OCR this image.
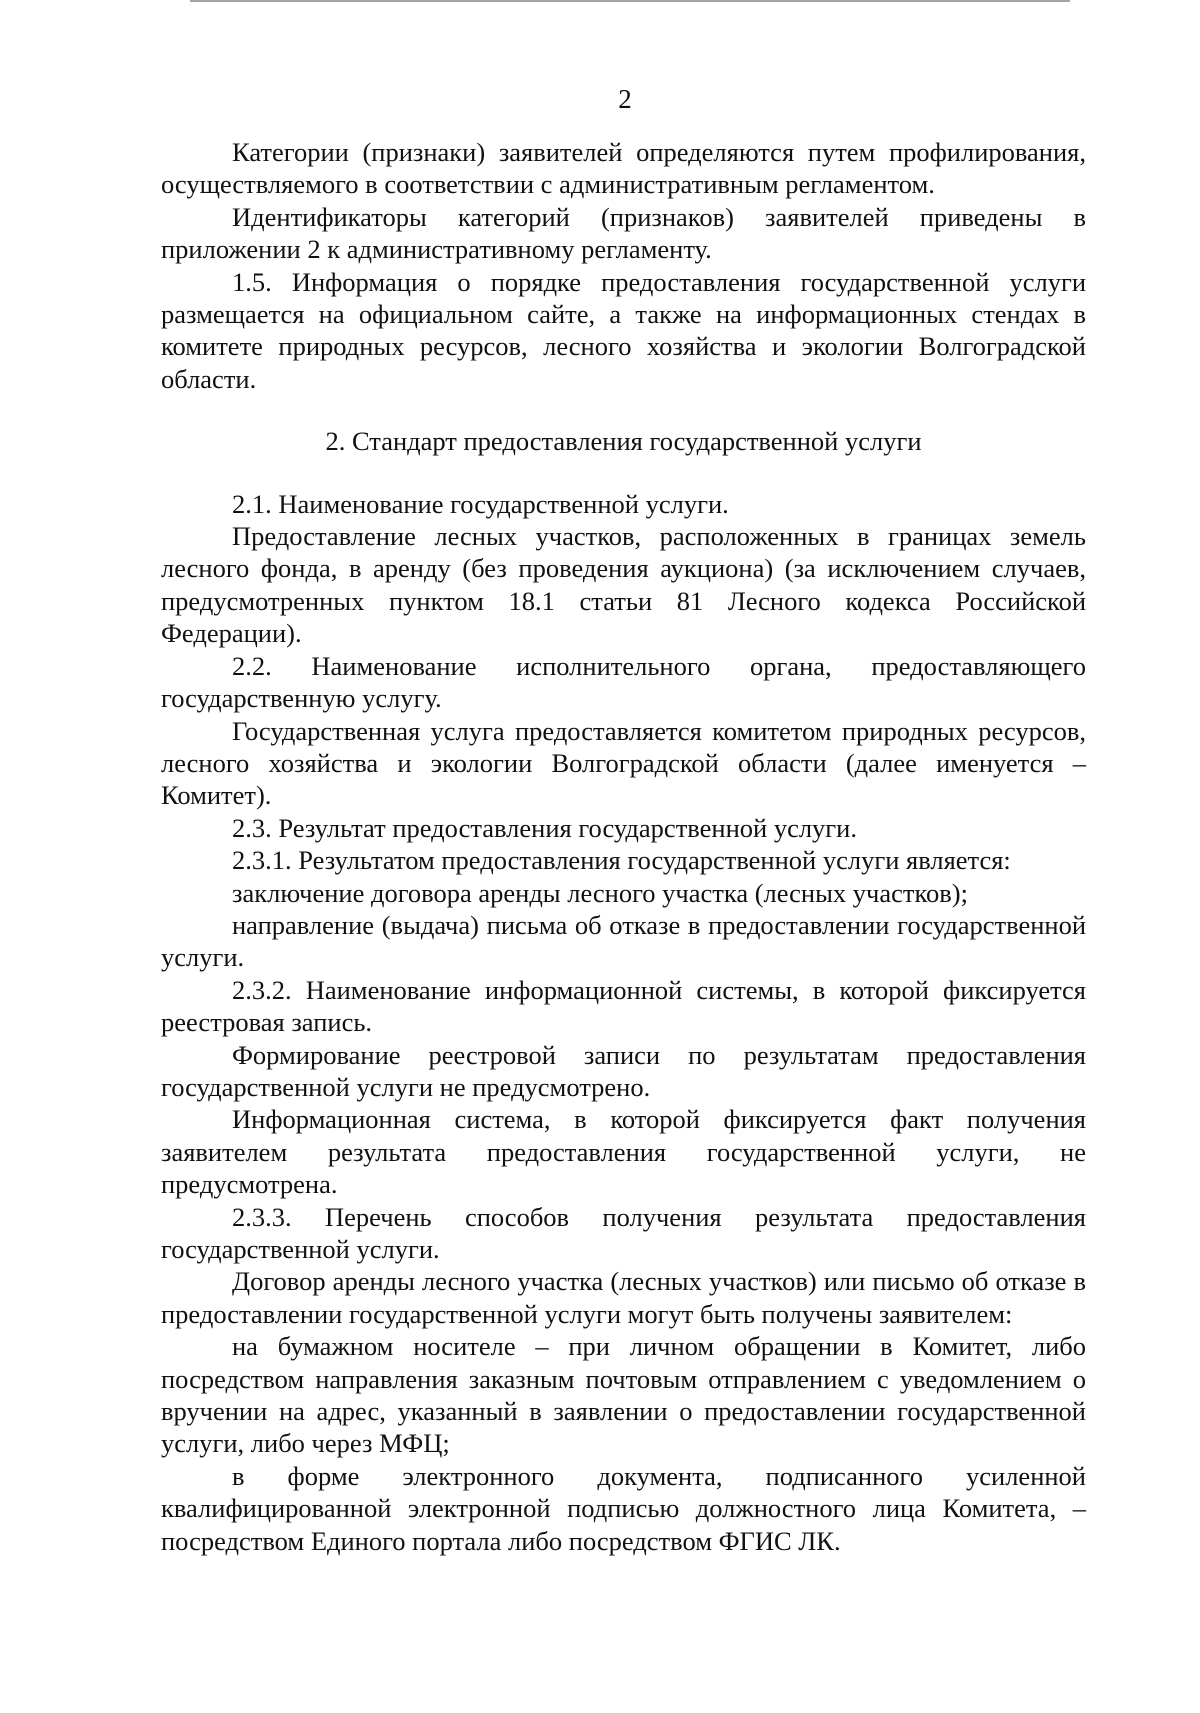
2

Категории (признаки) заявителей определяются путем профилирования, осуществляемого в соответствии с административным регламентом.

Идентификаторы категорий (признаков) заявителей приведены в приложении 2 к административному регламенту.

1.5. Информация о порядке предоставления государственной услуги размещается на официальном сайте, а также на информационных стендах в комитете природных ресурсов, лесного хозяйства и экологии Волгоградской области.

2. Стандарт предоставления государственной услуги

2.1. Наименование государственной услуги.

Предоставление лесных участков, расположенных в границах земель лесного фонда, в аренду (без проведения аукциона) (за исключением случаев, предусмотренных пунктом 18.1 статьи 81 Лесного кодекса Российской Федерации).

2.2. Наименование исполнительного органа, предоставляющего государственную услугу.

Государственная услуга предоставляется комитетом природных ресурсов, лесного хозяйства и экологии Волгоградской области (далее именуется – Комитет).

2.3. Результат предоставления государственной услуги.

2.3.1. Результатом предоставления государственной услуги является:

заключение договора аренды лесного участка (лесных участков);

направление (выдача) письма об отказе в предоставлении государственной услуги.

2.3.2. Наименование информационной системы, в которой фиксируется реестровая запись.

Формирование реестровой записи по результатам предоставления государственной услуги не предусмотрено.

Информационная система, в которой фиксируется факт получения заявителем результата предоставления государственной услуги, не предусмотрена.

2.3.3. Перечень способов получения результата предоставления государственной услуги.

Договор аренды лесного участка (лесных участков) или письмо об отказе в предоставлении государственной услуги могут быть получены заявителем:

на бумажном носителе – при личном обращении в Комитет, либо посредством направления заказным почтовым отправлением с уведомлением о вручении на адрес, указанный в заявлении о предоставлении государственной услуги, либо через МФЦ;

в форме электронного документа, подписанного усиленной квалифицированной электронной подписью должностного лица Комитета, – посредством Единого портала либо посредством ФГИС ЛК.
